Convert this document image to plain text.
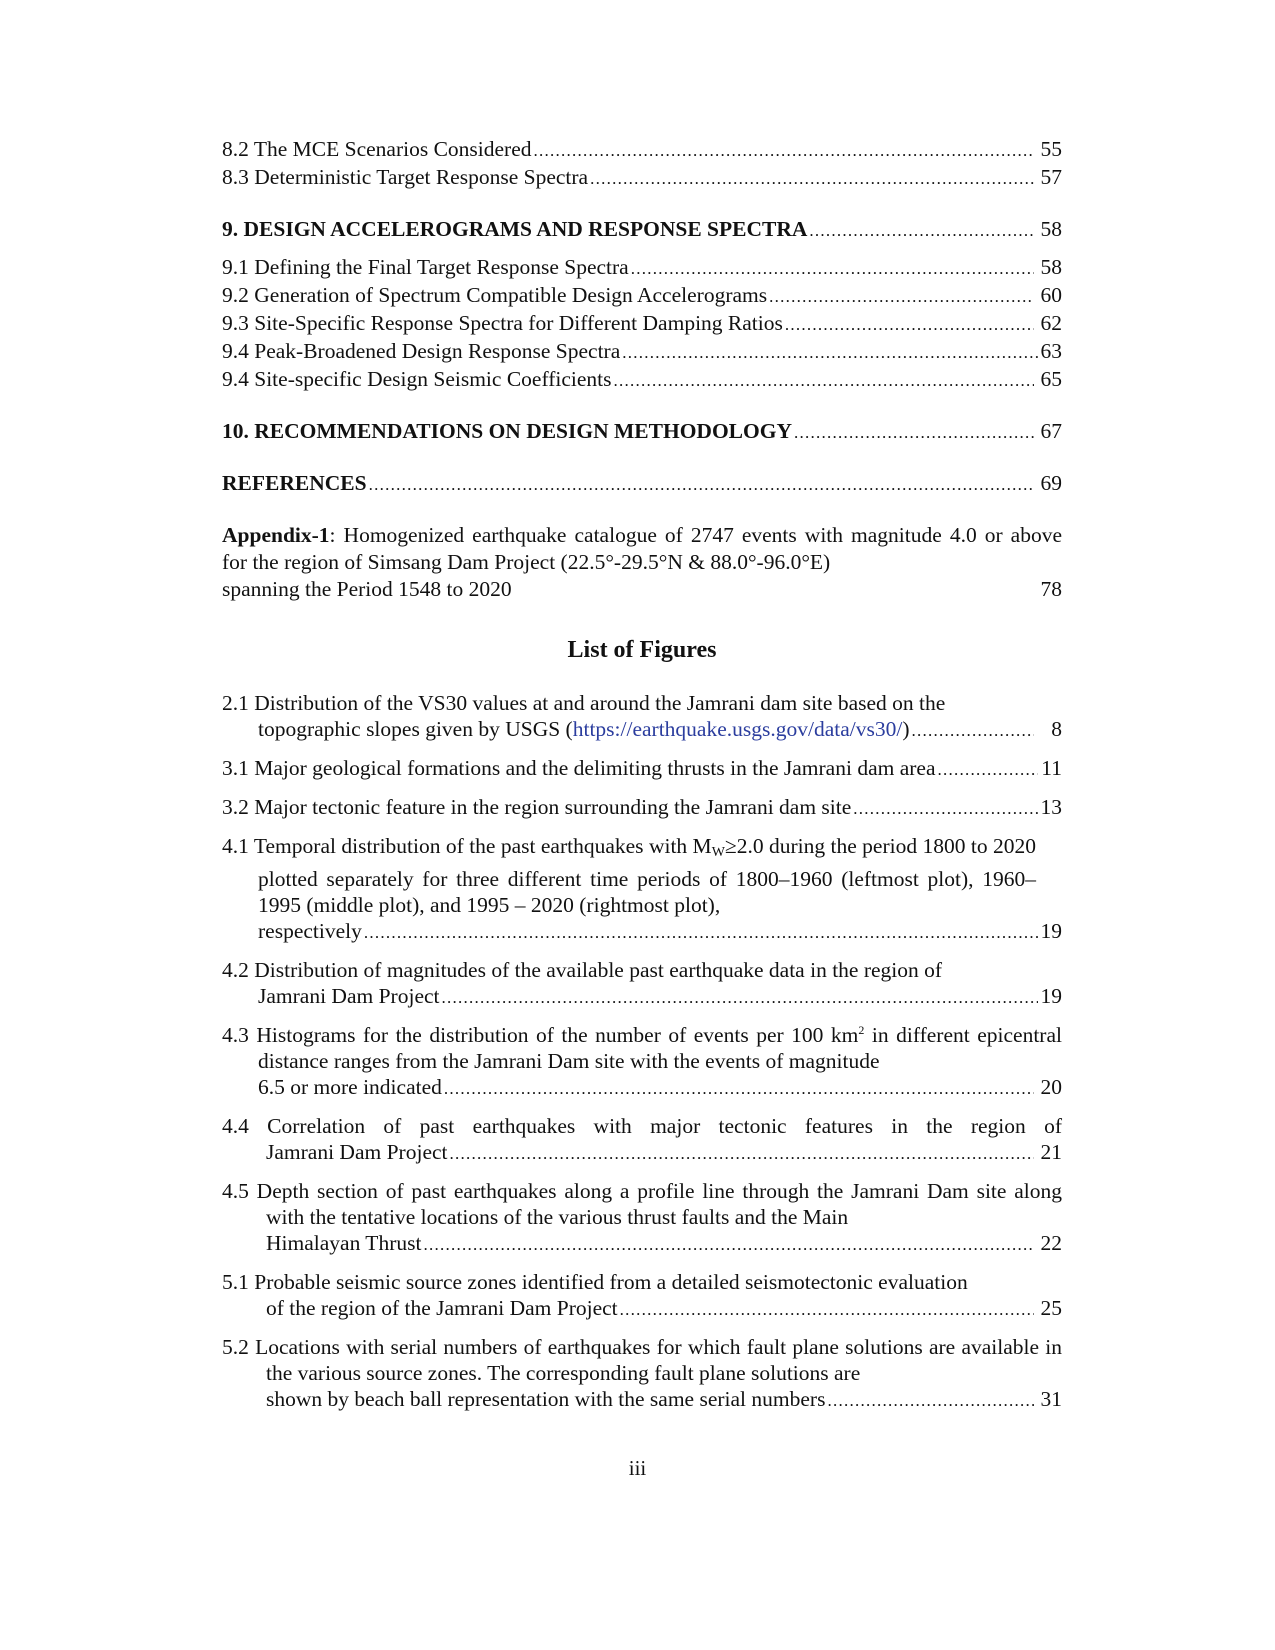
8.2 The MCE Scenarios Considered . . .	55
8.3 Deterministic Target Response Spectra . . .	57
9. DESIGN ACCELEROGRAMS AND RESPONSE SPECTRA . . .	58
9.1 Defining the Final Target Response Spectra . . .	58
9.2 Generation of Spectrum Compatible Design Accelerograms . . .	60
9.3 Site-Specific Response Spectra for Different Damping Ratios . . .	62
9.4 Peak-Broadened Design Response Spectra . . .	63
9.4 Site-specific Design Seismic Coefficients . . .	65
10. RECOMMENDATIONS ON DESIGN METHODOLOGY . . .	67
REFERENCES . . .	69
Appendix-1: Homogenized earthquake catalogue of 2747 events with magnitude 4.0 or above for the region of Simsang Dam Project (22.5°-29.5°N & 88.0°-96.0°E)
spanning the Period 1548 to 2020	78
List of Figures
2.1 Distribution of the VS30 values at and around the Jamrani dam site based on the
topographic slopes given by USGS (https://earthquake.usgs.gov/data/vs30/) . . .	8
3.1 Major geological formations and the delimiting thrusts in the Jamrani dam area . . .	11
3.2 Major tectonic feature in the region surrounding the Jamrani dam site . . .	13
4.1 Temporal distribution of the past earthquakes with $M_W\ge 2.0$ during the period 1800 to 2020 plotted separately for three different time periods of 1800–1960 (leftmost plot), 1960–1995 (middle plot), and 1995 – 2020 (rightmost plot),
respectively . . .	19
4.2 Distribution of magnitudes of the available past earthquake data in the region of
Jamrani Dam Project . . .	19
4.3 Histograms for the distribution of the number of events per 100 $km^2$ in different epicentral distance ranges from the Jamrani Dam site with the events of magnitude
6.5 or more indicated . . .	20
4.4 Correlation of past earthquakes with major tectonic features in the region of
Jamrani Dam Project . . .	21
4.5 Depth section of past earthquakes along a profile line through the Jamrani Dam site along with the tentative locations of the various thrust faults and the Main
Himalayan Thrust . . .	22
5.1 Probable seismic source zones identified from a detailed seismotectonic evaluation
of the region of the Jamrani Dam Project . . .	25
5.2 Locations with serial numbers of earthquakes for which fault plane solutions are available in the various source zones. The corresponding fault plane solutions are
shown by beach ball representation with the same serial numbers . . .	31
iii
